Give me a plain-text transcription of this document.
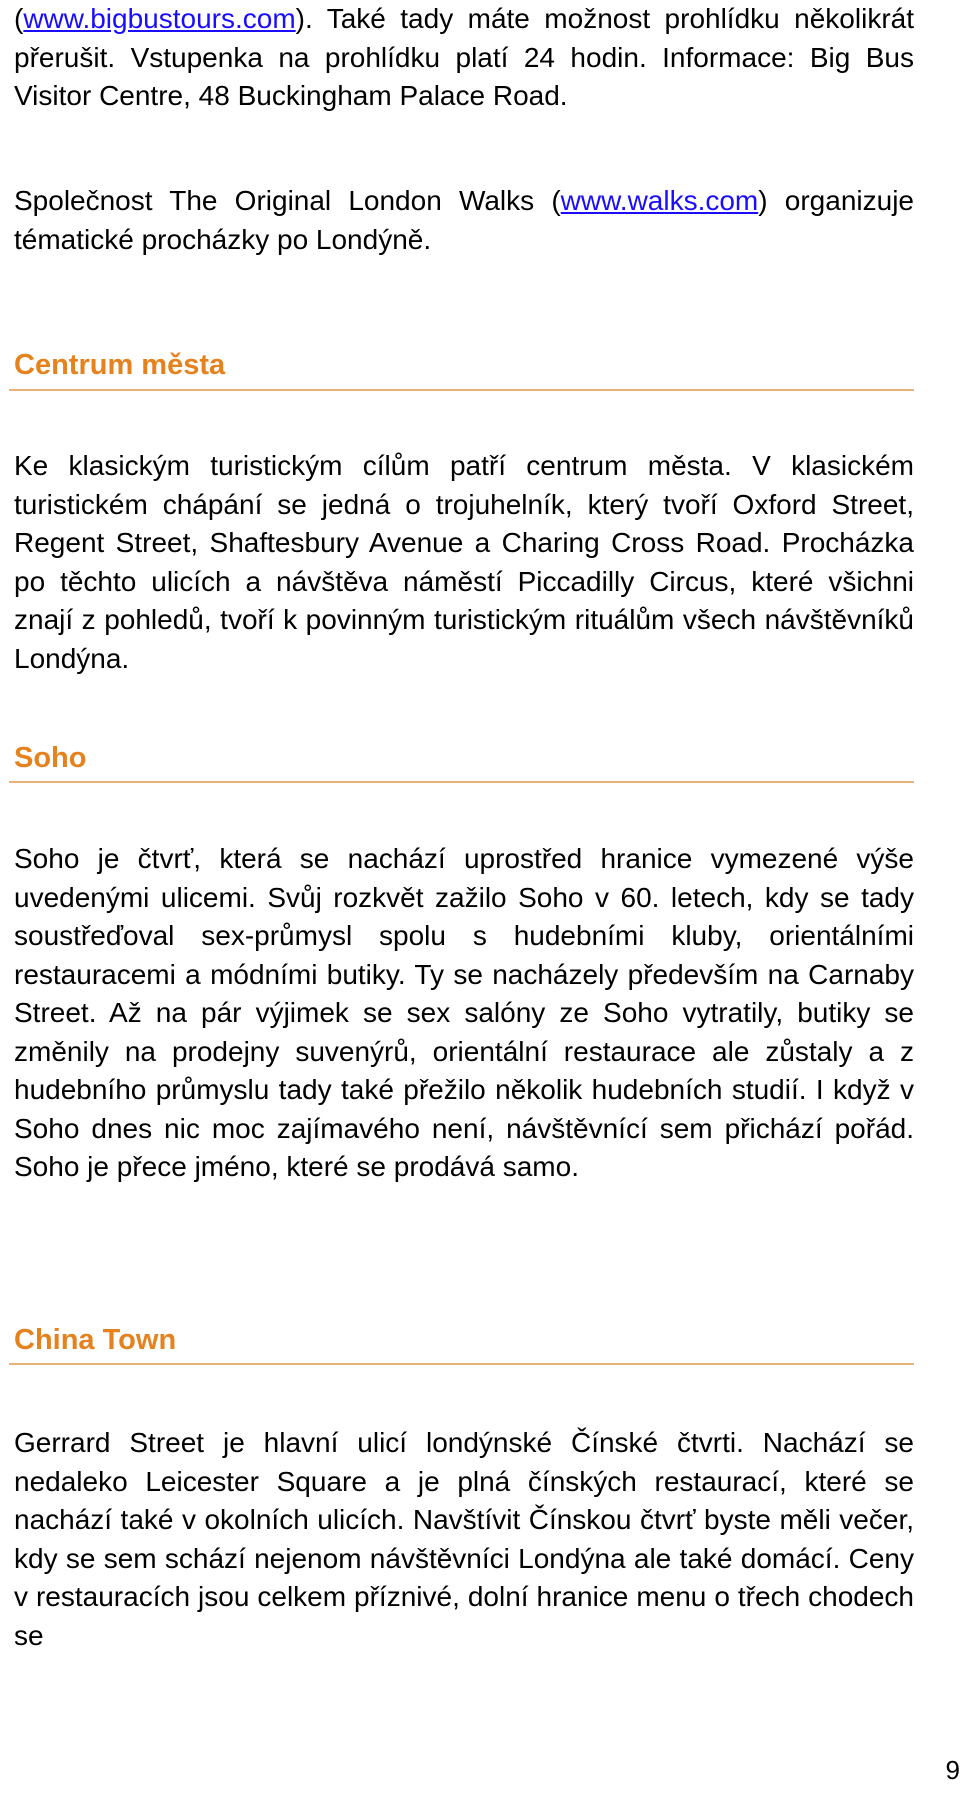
(www.bigbustours.com). Také tady máte možnost prohlídku několikrát přerušit. Vstupenka na prohlídku platí 24 hodin. Informace: Big Bus Visitor Centre, 48 Buckingham Palace Road.

Společnost The Original London Walks (www.walks.com) organizuje tématické procházky po Londýně.

Centrum města

Ke klasickým turistickým cílům patří centrum města. V klasickém turistickém chápání se jedná o trojuhelník, který tvoří Oxford Street, Regent Street, Shaftesbury Avenue a Charing Cross Road. Procházka po těchto ulicích a návštěva náměstí Piccadilly Circus, které všichni znají z pohledů, tvoří k povinným turistickým rituálům všech návštěvníků Londýna.

Soho

Soho je čtvrť, která se nachází uprostřed hranice vymezené výše uvedenými ulicemi. Svůj rozkvět zažilo Soho v 60. letech, kdy se tady soustřeďoval sex-průmysl spolu s hudebními kluby, orientálními restauracemi a módními butiky. Ty se nacházely především na Carnaby Street. Až na pár výjimek se sex salóny ze Soho vytratily, butiky se změnily na prodejny suvenýrů, orientální restaurace ale zůstaly a z hudebního průmyslu tady také přežilo několik hudebních studií. I když v Soho dnes nic moc zajímavého není, návštěvnící sem přichází pořád. Soho je přece jméno, které se prodává samo.

China Town

Gerrard Street je hlavní ulicí londýnské Čínské čtvrti. Nachází se nedaleko Leicester Square a je plná čínských restaurací, které se nachází také v okolních ulicích. Navštívit Čínskou čtvrť byste měli večer, kdy se sem schází nejenom návštěvníci Londýna ale také domácí. Ceny v restauracích jsou celkem příznivé, dolní hranice menu o třech chodech se

9
